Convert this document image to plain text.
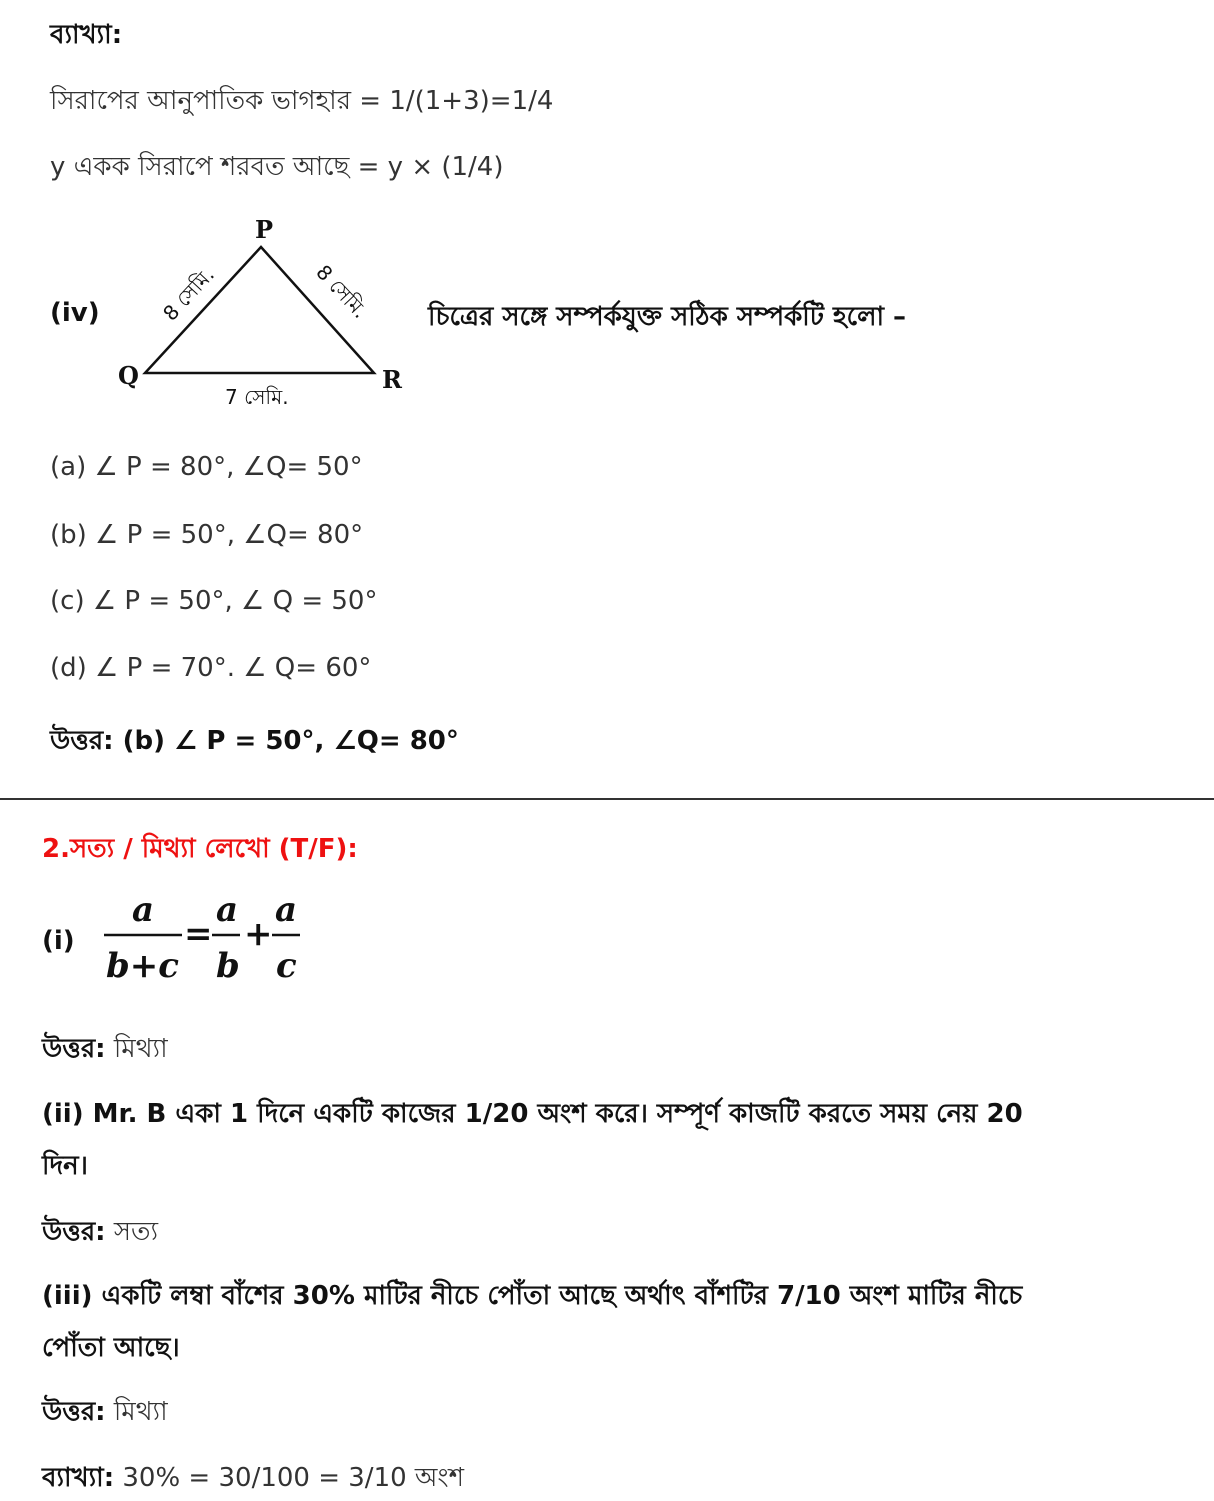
ব্যাখ্যা:
সিরাপের আনুপাতিক ভাগহার = 1/(1+3)=1/4
y একক সিরাপে শরবত আছে = y × (1/4)
(iv)
P
Q	R
8 সেমি.	8 সেমি.
7 সেমি.
চিত্রের সঙ্গে সম্পর্কযুক্ত সঠিক সম্পর্কটি হলো –
(a) ∠ P = 80°, ∠Q= 50°
(b) ∠ P = 50°, ∠Q= 80°
(c) ∠ P = 50°, ∠ Q = 50°
(d) ∠ P = 70°. ∠ Q= 60°
উত্তর: (b) ∠ P = 50°, ∠Q= 80°
2.সত্য / মিথ্যা লেখো (T/F):
(i)
a
b+c
=
a
b
+
a
c
উত্তর: মিথ্যা
(ii) Mr. B একা 1 দিনে একটি কাজের 1/20 অংশ করে। সম্পূর্ণ কাজটি করতে সময় নেয় 20
দিন।
উত্তর: সত্য
(iii) একটি লম্বা বাঁশের 30% মাটির নীচে পোঁতা আছে অর্থাৎ বাঁশটির 7/10 অংশ মাটির নীচে
পোঁতা আছে।
উত্তর: মিথ্যা
ব্যাখ্যা: 30% = 30/100 = 3/10 অংশ
